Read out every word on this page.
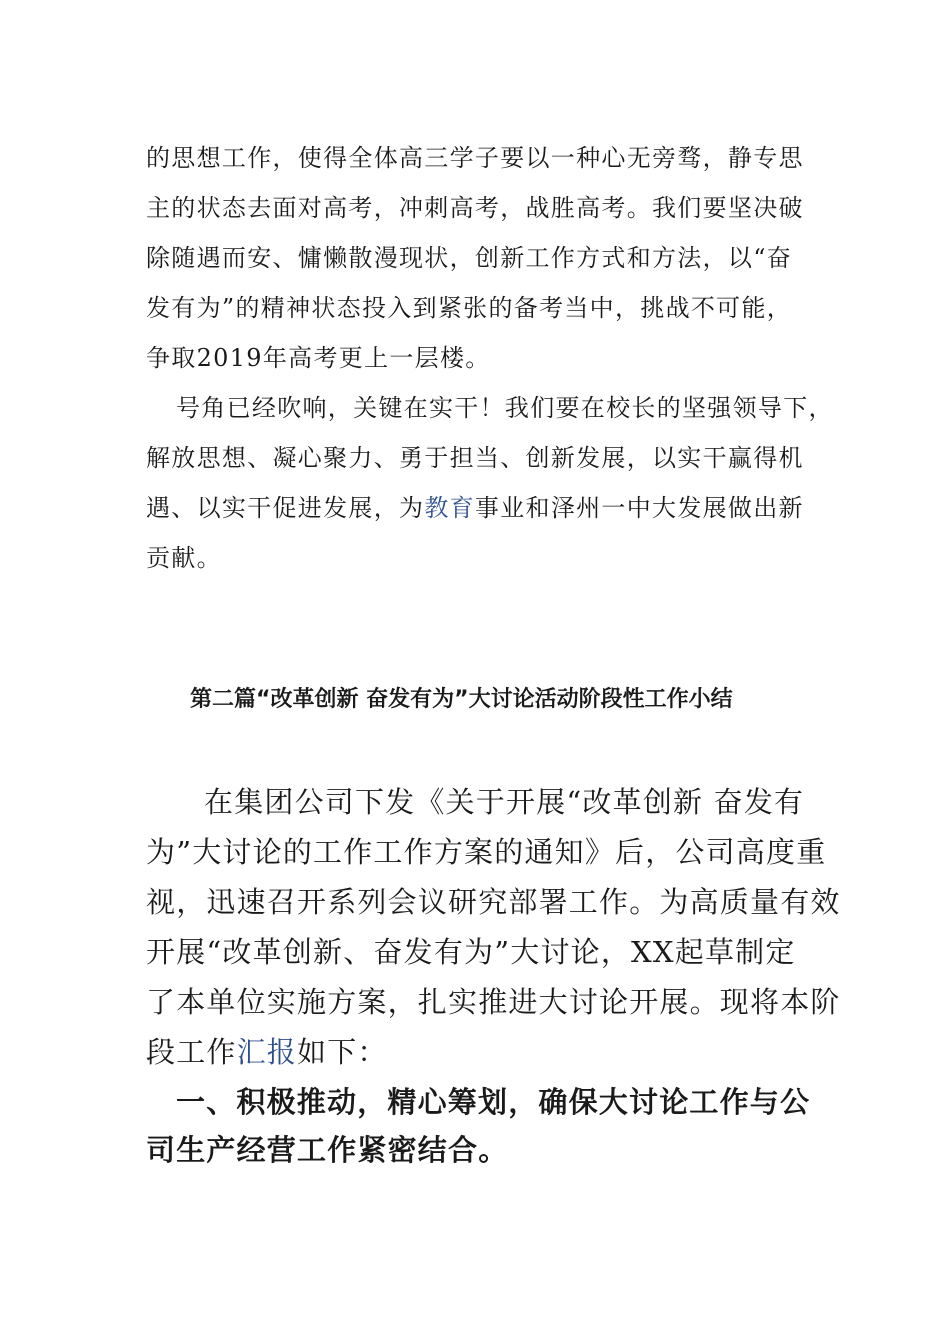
的思想工作，使得全体高三学子要以一种心无旁骛，静专思
主的状态去面对高考，冲刺高考，战胜高考。我们要坚决破
除随遇而安、慵懒散漫现状，创新工作方式和方法，以“奋
发有为”的精神状态投入到紧张的备考当中，挑战不可能，
争取2019年高考更上一层楼。
号角已经吹响，关键在实干！我们要在校长的坚强领导下，
解放思想、凝心聚力、勇于担当、创新发展，以实干赢得机
遇、以实干促进发展，为教育事业和泽州一中大发展做出新
贡献。
第二篇“改革创新 奋发有为”大讨论活动阶段性工作小结
在集团公司下发《关于开展“改革创新 奋发有
为”大讨论的工作工作方案的通知》后，公司高度重
视，迅速召开系列会议研究部署工作。为高质量有效
开展“改革创新、奋发有为”大讨论，XX起草制定
了本单位实施方案，扎实推进大讨论开展。现将本阶
段工作汇报如下：
一、积极推动，精心筹划，确保大讨论工作与公
司生产经营工作紧密结合。
